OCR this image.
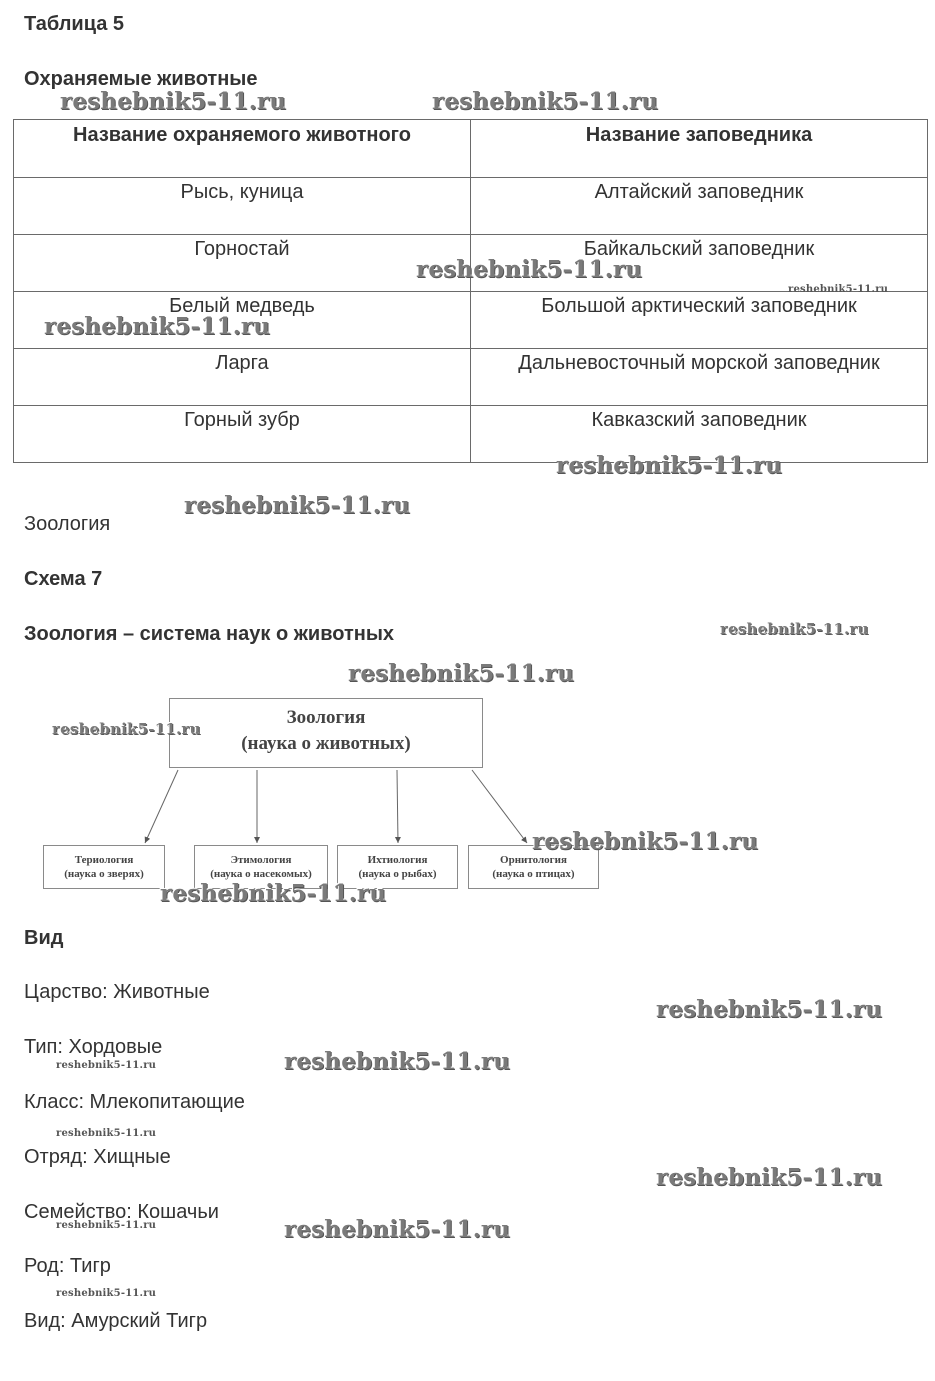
Таблица 5
Охраняемые животные
Название охраняемого животного	Название заповедника
Рысь, куница	Алтайский заповедник
Горностай	Байкальский заповедник
Белый медведь	Большой арктический заповедник
Ларга	Дальневосточный морской заповедник
Горный зубр	Кавказский заповедник
Зоология
Схема 7
Зоология – система наук о животных
Зоология
(наука о животных)
Териология
(наука о зверях)
Этимология
(наука о насекомых)
Ихтиология
(наука о рыбах)
Орнитология
(наука о птицах)
Вид
Царство: Животные
Тип: Хордовые
Класс: Млекопитающие
Отряд: Хищные
Семейство: Кошачьи
Род: Тигр
Вид: Амурский Тигр
reshebnik5-11.ru	reshebnik5-11.ru
reshebnik5-11.ru
reshebnik5-11.ru
reshebnik5-11.ru
reshebnik5-11.ru
reshebnik5-11.ru
reshebnik5-11.ru
reshebnik5-11.ru
reshebnik5-11.ru
reshebnik5-11.ru
reshebnik5-11.ru
reshebnik5-11.ru
reshebnik5-11.ru
reshebnik5-11.ru
reshebnik5-11.ru
reshebnik5-11.ru
reshebnik5-11.ru	reshebnik5-11.ru
reshebnik5-11.ru
